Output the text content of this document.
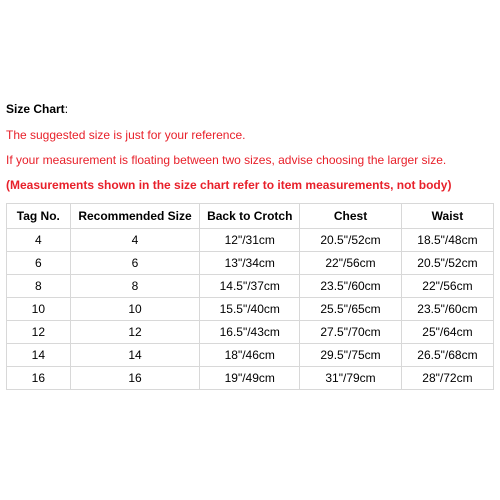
Size Chart:
The suggested size is just for your reference.
If your measurement is floating between two sizes, advise choosing the larger size.
(Measurements shown in the size chart refer to item measurements, not body)
Tag No.	Recommended Size	Back to Crotch	Chest	Waist
4	4	12"/31cm	20.5"/52cm	18.5"/48cm
6	6	13"/34cm	22"/56cm	20.5"/52cm
8	8	14.5"/37cm	23.5"/60cm	22"/56cm
10	10	15.5"/40cm	25.5"/65cm	23.5"/60cm
12	12	16.5"/43cm	27.5"/70cm	25"/64cm
14	14	18"/46cm	29.5"/75cm	26.5"/68cm
16	16	19"/49cm	31"/79cm	28"/72cm
